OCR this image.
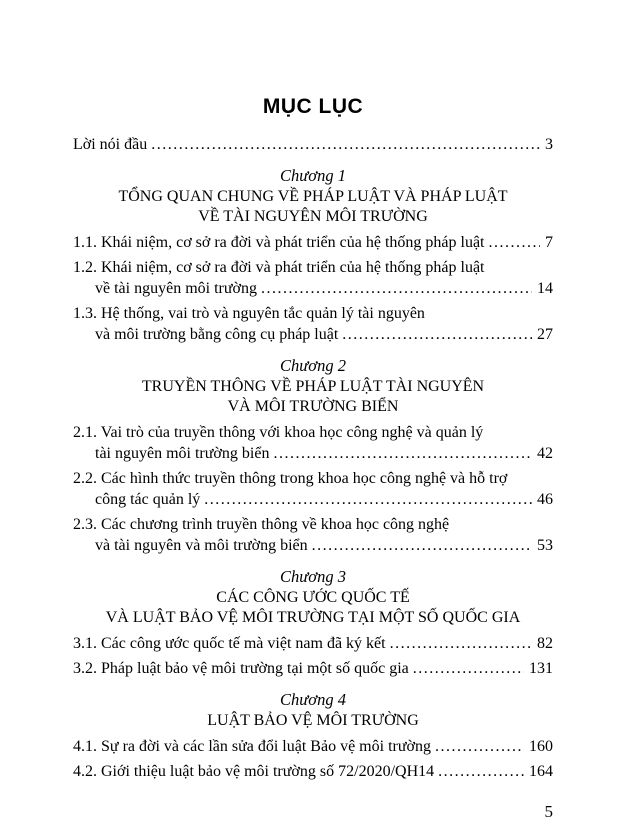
MỤC LỤC
Lời nói đầu .....	3
Chương 1
TỔNG QUAN CHUNG VỀ PHÁP LUẬT VÀ PHÁP LUẬT
VỀ TÀI NGUYÊN MÔI TRƯỜNG
1.1. Khái niệm, cơ sở ra đời và phát triển của hệ thống pháp luật .....	7
1.2. Khái niệm, cơ sở ra đời và phát triển của hệ thống pháp luật
về tài nguyên môi trường .....	14
1.3. Hệ thống, vai trò và nguyên tắc quản lý tài nguyên
và môi trường bằng công cụ pháp luật .....	27
Chương 2
TRUYỀN THÔNG VỀ PHÁP LUẬT TÀI NGUYÊN
VÀ MÔI TRƯỜNG BIỂN
2.1. Vai trò của truyền thông với khoa học công nghệ và quản lý
tài nguyên môi trường biển .....	42
2.2. Các hình thức truyền thông trong khoa học công nghệ và hỗ trợ
công tác quản lý .....	46
2.3. Các chương trình truyền thông về khoa học công nghệ
và tài nguyên và môi trường biển .....	53
Chương 3
CÁC CÔNG ƯỚC QUỐC TẾ
VÀ LUẬT BẢO VỆ MÔI TRƯỜNG TẠI MỘT SỐ QUỐC GIA
3.1. Các công ước quốc tế mà việt nam đã ký kết .....	82
3.2. Pháp luật bảo vệ môi trường tại một số quốc gia .....	131
Chương 4
LUẬT BẢO VỆ MÔI TRƯỜNG
4.1. Sự ra đời và các lần sửa đổi luật Bảo vệ môi trường .....	160
4.2. Giới thiệu luật bảo vệ môi trường số 72/2020/QH14 .....	164
5
